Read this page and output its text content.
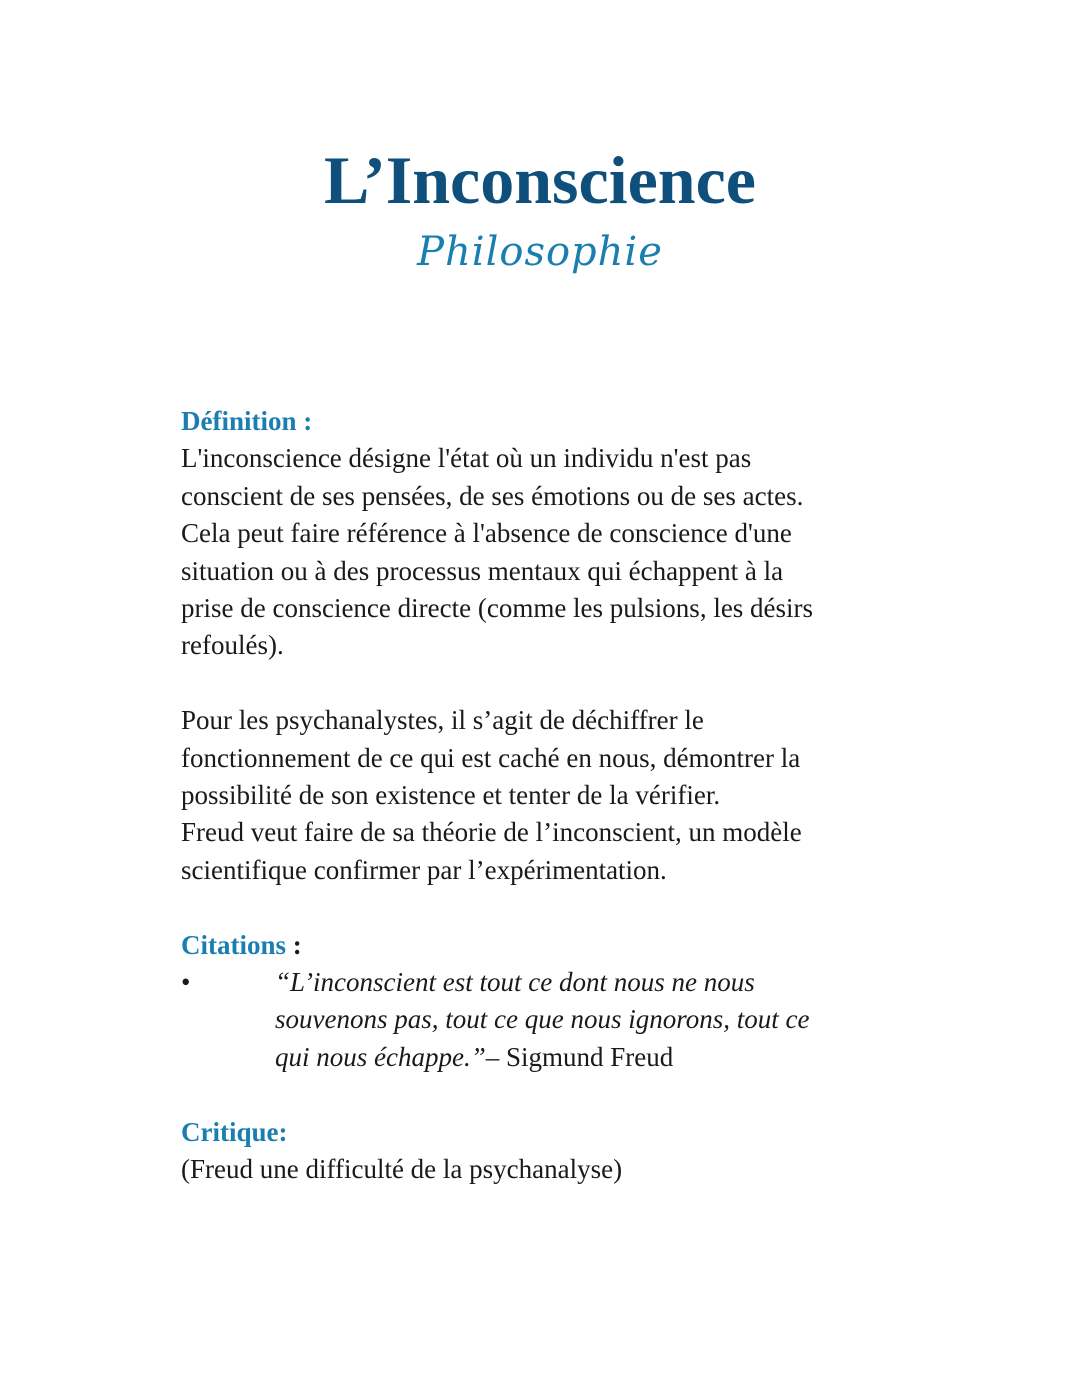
L’Inconscience
Philosophie
Définition :

L'inconscience désigne l'état où un individu n'est pas
conscient de ses pensées, de ses émotions ou de ses actes.
Cela peut faire référence à l'absence de conscience d'une
situation ou à des processus mentaux qui échappent à la
prise de conscience directe (comme les pulsions, les désirs
refoulés).

Pour les psychanalystes, il s’agit de déchiffrer le
fonctionnement de ce qui est caché en nous, démontrer la
possibilité de son existence et tenter de la vérifier.
Freud veut faire de sa théorie de l’inconscient, un modèle
scientifique confirmer par l’expérimentation.

Citations :
•	“L’inconscient est tout ce dont nous ne nous
souvenons pas, tout ce que nous ignorons, tout ce
qui nous échappe.”– Sigmund Freud
Critique:

(Freud une difficulté de la psychanalyse)
